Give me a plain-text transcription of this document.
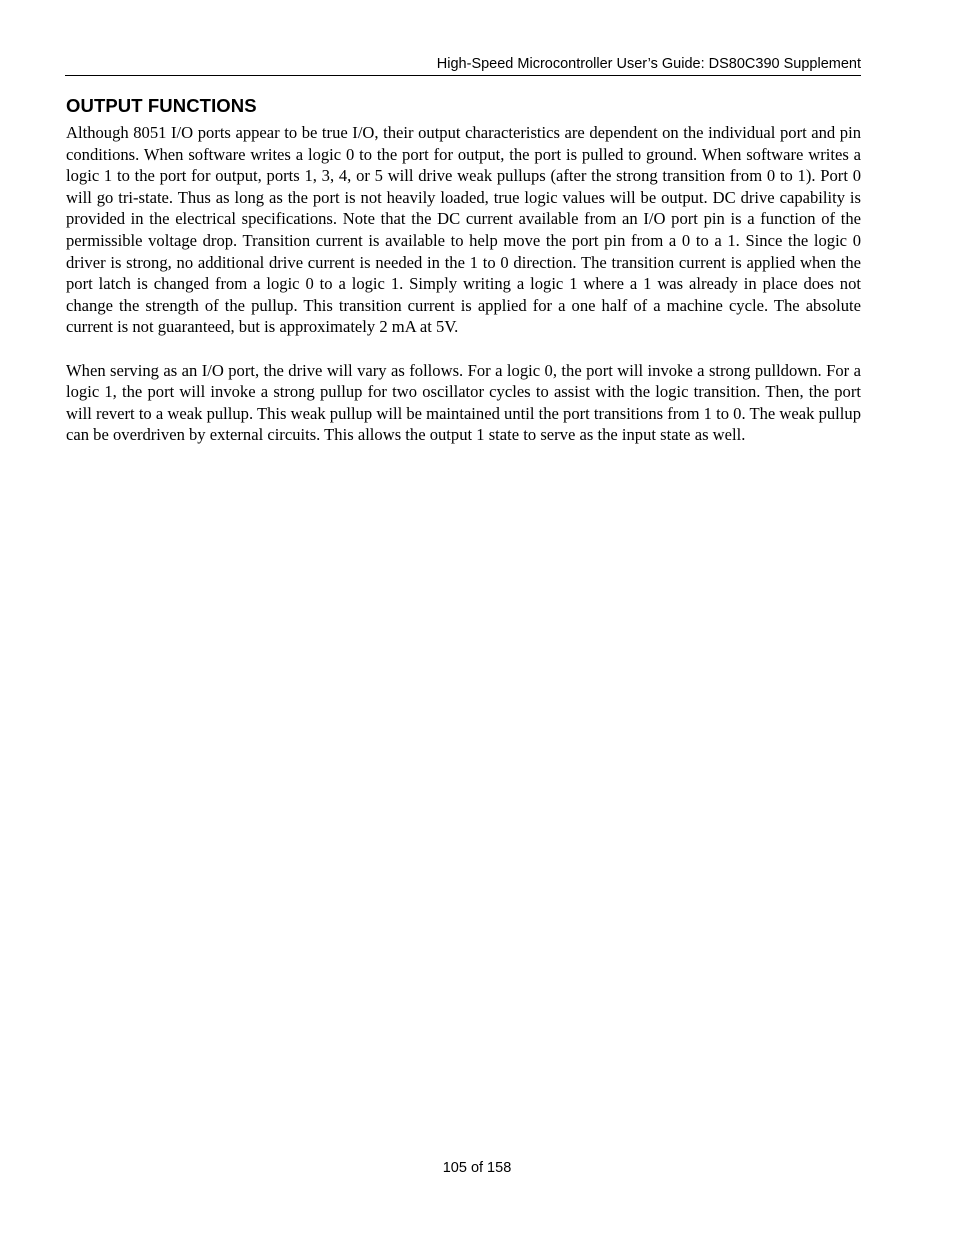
High-Speed Microcontroller User’s Guide: DS80C390 Supplement
OUTPUT FUNCTIONS

Although 8051 I/O ports appear to be true I/O, their output characteristics are dependent on the individual port and pin conditions. When software writes a logic 0 to the port for output, the port is pulled to ground. When software writes a logic 1 to the port for output, ports 1, 3, 4, or 5 will drive weak pullups (after the strong transition from 0 to 1). Port 0 will go tri-state. Thus as long as the port is not heavily loaded, true logic values will be output. DC drive capability is provided in the electrical specifications. Note that the DC current available from an I/O port pin is a function of the permissible voltage drop. Transition current is available to help move the port pin from a 0 to a 1. Since the logic 0 driver is strong, no additional drive current is needed in the 1 to 0 direction. The transition current is applied when the port latch is changed from a logic 0 to a logic 1. Simply writing a logic 1 where a 1 was already in place does not change the strength of the pullup. This transition current is applied for a one half of a machine cycle. The absolute current is not guaranteed, but is approximately 2 mA at 5V.

When serving as an I/O port, the drive will vary as follows. For a logic 0, the port will invoke a strong pulldown. For a logic 1, the port will invoke a strong pullup for two oscillator cycles to assist with the logic transition. Then, the port will revert to a weak pullup. This weak pullup will be maintained until the port transitions from 1 to 0. The weak pullup can be overdriven by external circuits. This allows the output 1 state to serve as the input state as well.

105 of 158
